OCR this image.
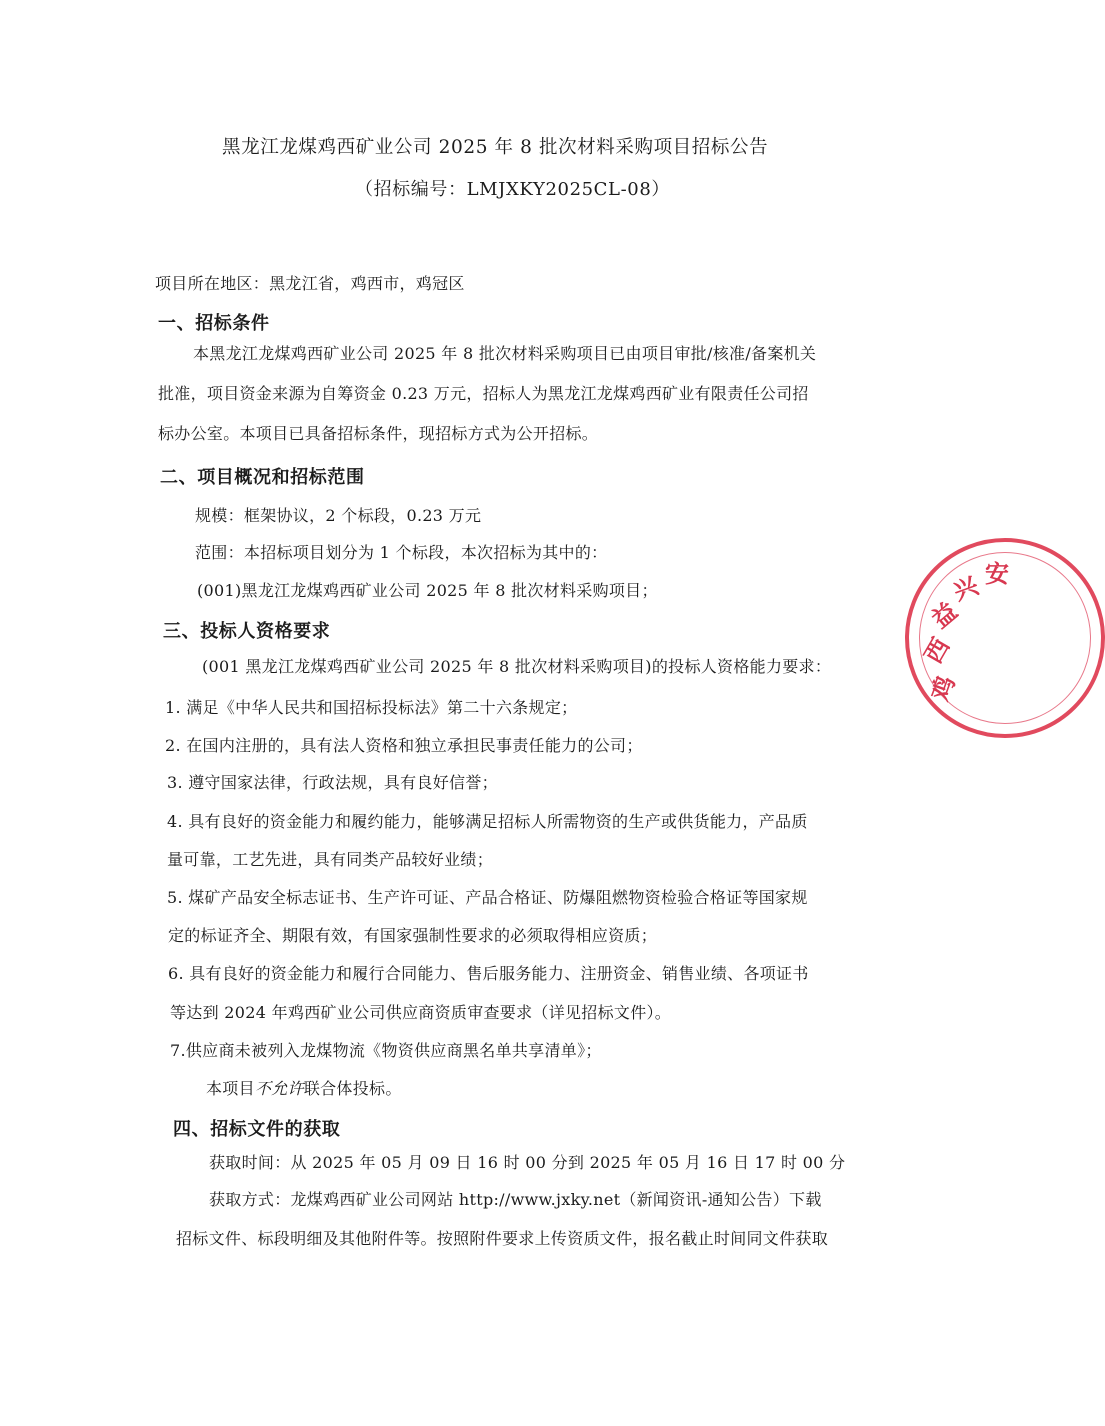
黑龙江龙煤鸡西矿业公司 2025 年 8 批次材料采购项目招标公告
（招标编号：LMJXKY2025CL-08）
项目所在地区：黑龙江省，鸡西市，鸡冠区
一、招标条件
本黑龙江龙煤鸡西矿业公司 2025 年 8 批次材料采购项目已由项目审批/核准/备案机关
批准，项目资金来源为自筹资金 0.23 万元，招标人为黑龙江龙煤鸡西矿业有限责任公司招
标办公室。本项目已具备招标条件，现招标方式为公开招标。
二、项目概况和招标范围
规模：框架协议，2 个标段，0.23 万元
范围：本招标项目划分为 1 个标段，本次招标为其中的：
(001)黑龙江龙煤鸡西矿业公司 2025 年 8 批次材料采购项目；
三、投标人资格要求
(001 黑龙江龙煤鸡西矿业公司 2025 年 8 批次材料采购项目)的投标人资格能力要求：
1. 满足《中华人民共和国招标投标法》第二十六条规定；
2. 在国内注册的，具有法人资格和独立承担民事责任能力的公司；
3. 遵守国家法律，行政法规，具有良好信誉；
4. 具有良好的资金能力和履约能力，能够满足招标人所需物资的生产或供货能力，产品质
量可靠，工艺先进，具有同类产品较好业绩；
5. 煤矿产品安全标志证书、生产许可证、产品合格证、防爆阻燃物资检验合格证等国家规
定的标证齐全、期限有效，有国家强制性要求的必须取得相应资质；
6. 具有良好的资金能力和履行合同能力、售后服务能力、注册资金、销售业绩、各项证书
等达到 2024 年鸡西矿业公司供应商资质审查要求（详见招标文件）。
7.供应商未被列入龙煤物流《物资供应商黑名单共享清单》；
本项目不允许联合体投标。
四、招标文件的获取
获取时间：从 2025 年 05 月 09 日 16 时 00 分到 2025 年 05 月 16 日 17 时 00 分
获取方式：龙煤鸡西矿业公司网站 http://www.jxky.net（新闻资讯-通知公告）下载
招标文件、标段明细及其他附件等。按照附件要求上传资质文件，报名截止时间同文件获取
鸡
西
益
兴 安
